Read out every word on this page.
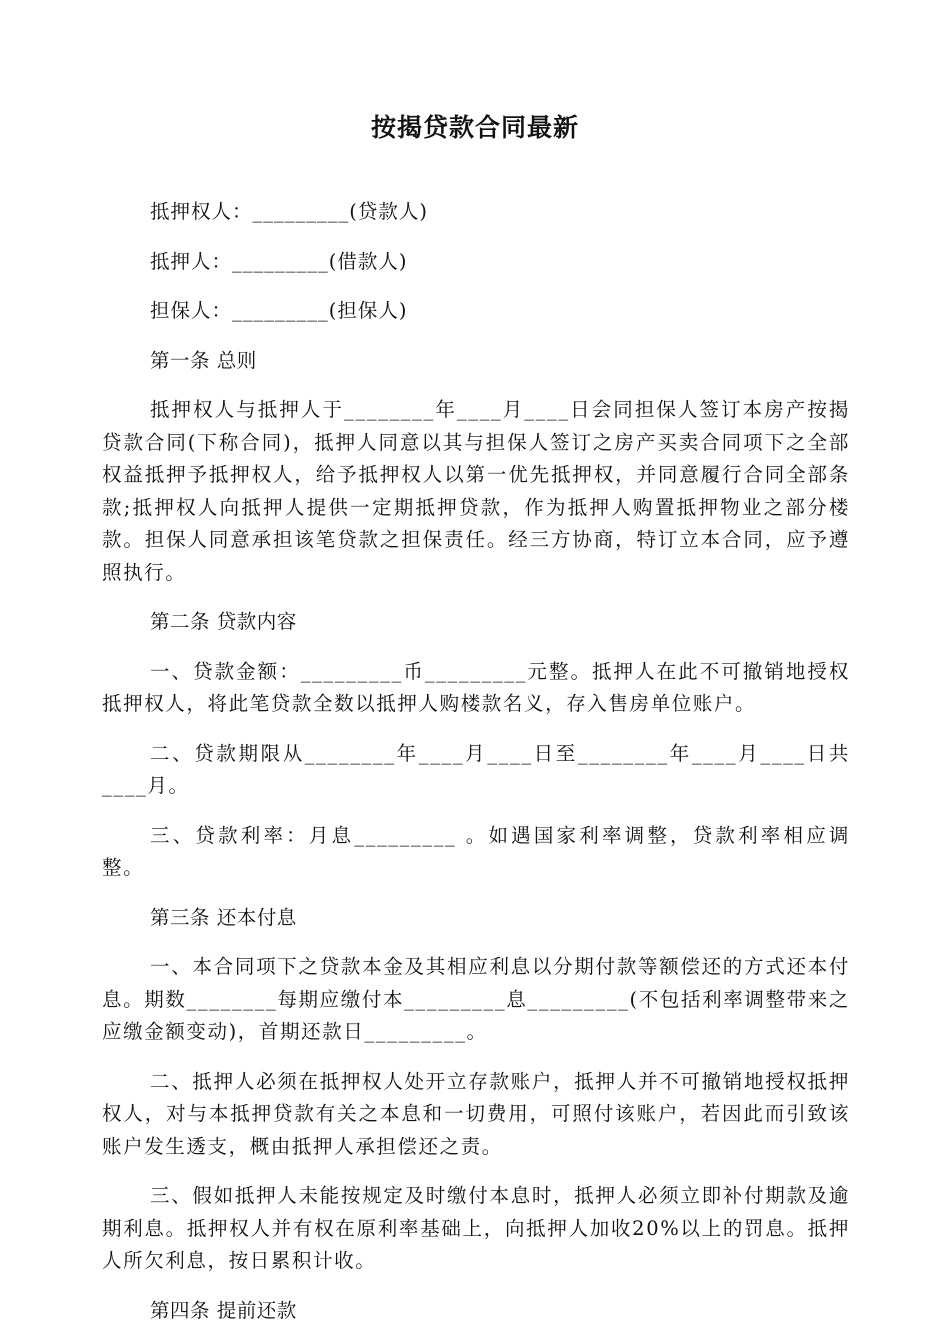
按揭贷款合同最新

抵押权人：_________(贷款人)

抵押人：_________(借款人)

担保人：_________(担保人)

第一条 总则

抵押权人与抵押人于________年____月____日会同担保人签订本房产按揭贷款合同(下称合同)，抵押人同意以其与担保人签订之房产买卖合同项下之全部权益抵押予抵押权人，给予抵押权人以第一优先抵押权，并同意履行合同全部条款;抵押权人向抵押人提供一定期抵押贷款，作为抵押人购置抵押物业之部分楼款。担保人同意承担该笔贷款之担保责任。经三方协商，特订立本合同，应予遵照执行。

第二条 贷款内容

一、贷款金额：_________币_________元整。抵押人在此不可撤销地授权抵押权人，将此笔贷款全数以抵押人购楼款名义，存入售房单位账户。

二、贷款期限从________年____月____日至________年____月____日共____月。

三、贷款利率：月息_________ 。如遇国家利率调整，贷款利率相应调整。

第三条 还本付息

一、本合同项下之贷款本金及其相应利息以分期付款等额偿还的方式还本付息。期数________每期应缴付本_________息_________(不包括利率调整带来之应缴金额变动)，首期还款日_________。

二、抵押人必须在抵押权人处开立存款账户，抵押人并不可撤销地授权抵押权人，对与本抵押贷款有关之本息和一切费用，可照付该账户，若因此而引致该账户发生透支，概由抵押人承担偿还之责。

三、假如抵押人未能按规定及时缴付本息时，抵押人必须立即补付期款及逾期利息。抵押权人并有权在原利率基础上，向抵押人加收20%以上的罚息。抵押人所欠利息，按日累积计收。

第四条 提前还款
